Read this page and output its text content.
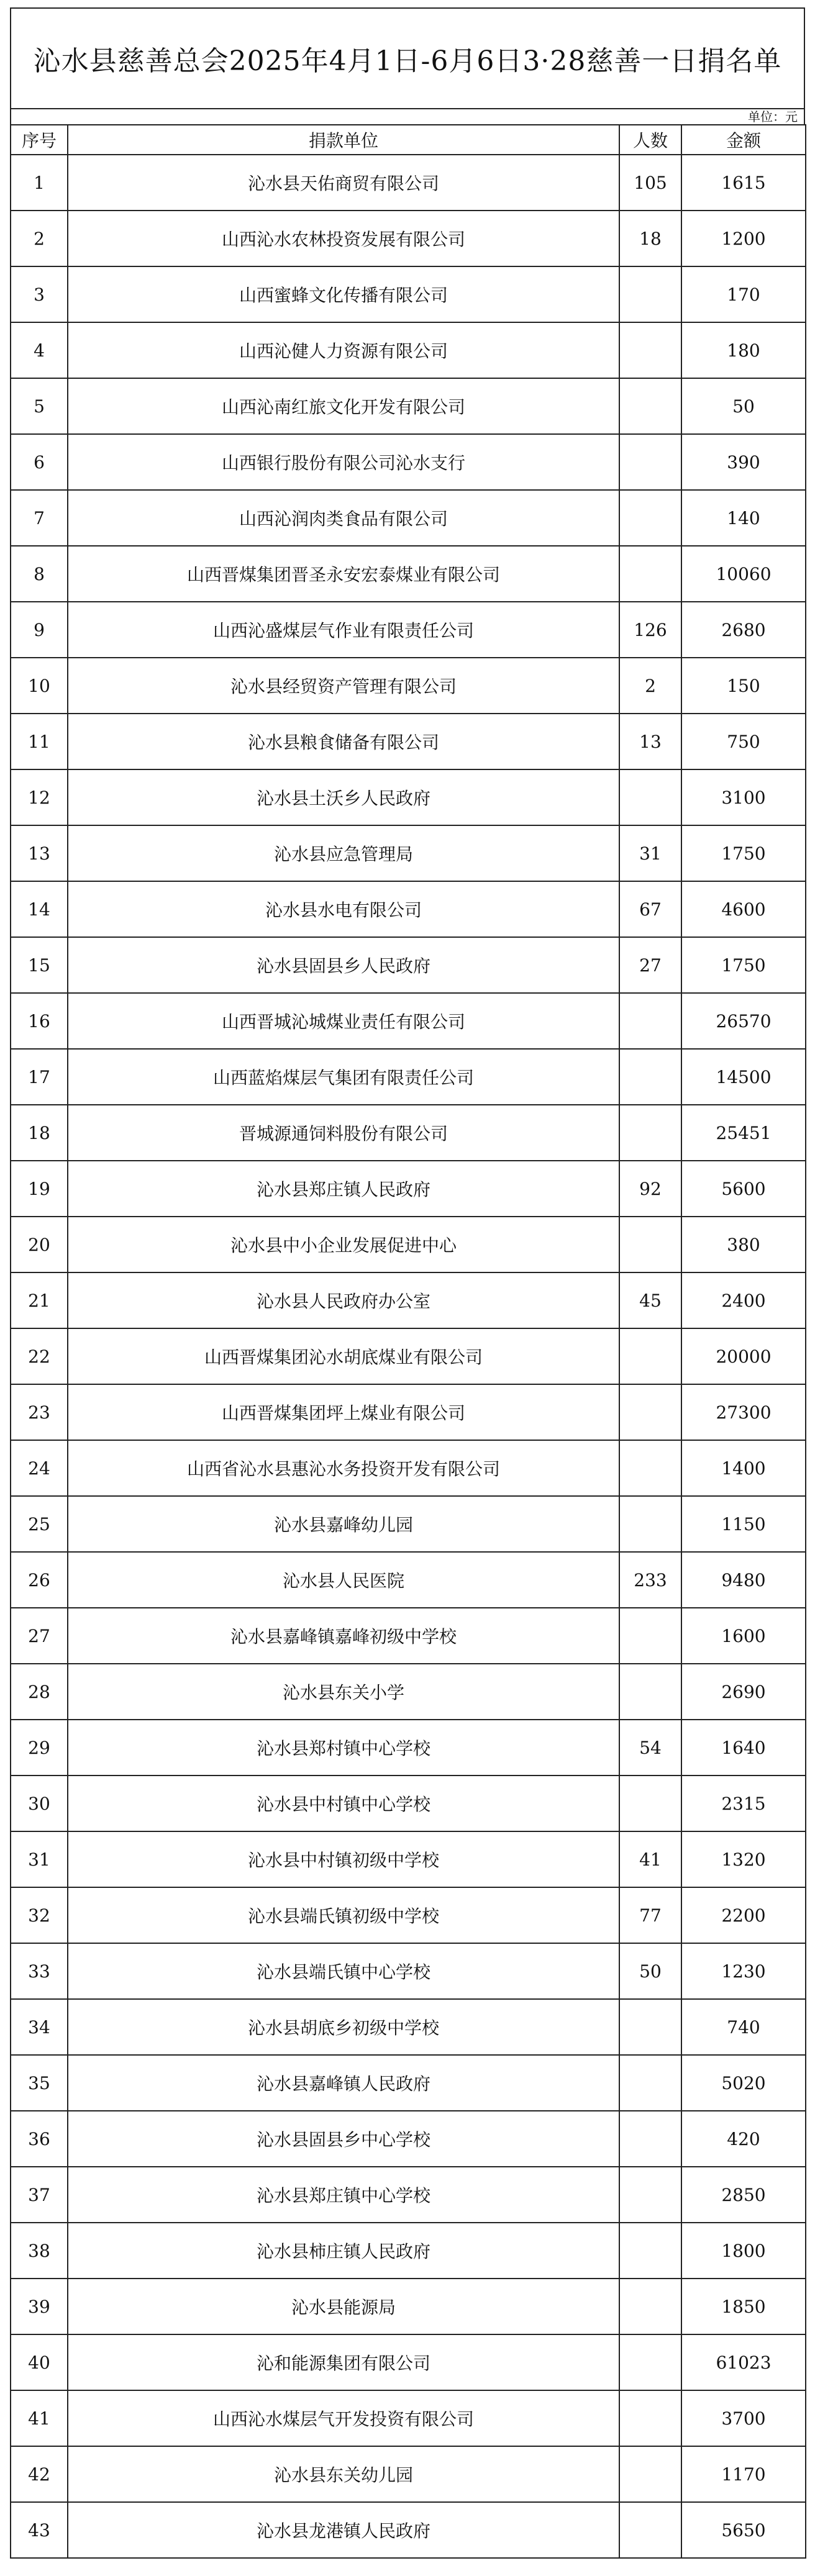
沁水县慈善总会2025年4月1日-6月6日3·28慈善一日捐名单
单位：元
序号	捐款单位	人数	金额
1	沁水县天佑商贸有限公司	105	1615
2	山西沁水农林投资发展有限公司	18	1200
3	山西蜜蜂文化传播有限公司		170
4	山西沁健人力资源有限公司		180
5	山西沁南红旅文化开发有限公司		50
6	山西银行股份有限公司沁水支行		390
7	山西沁润肉类食品有限公司		140
8	山西晋煤集团晋圣永安宏泰煤业有限公司		10060
9	山西沁盛煤层气作业有限责任公司	126	2680
10	沁水县经贸资产管理有限公司	2	150
11	沁水县粮食储备有限公司	13	750
12	沁水县土沃乡人民政府		3100
13	沁水县应急管理局	31	1750
14	沁水县水电有限公司	67	4600
15	沁水县固县乡人民政府	27	1750
16	山西晋城沁城煤业责任有限公司		26570
17	山西蓝焰煤层气集团有限责任公司		14500
18	晋城源通饲料股份有限公司		25451
19	沁水县郑庄镇人民政府	92	5600
20	沁水县中小企业发展促进中心		380
21	沁水县人民政府办公室	45	2400
22	山西晋煤集团沁水胡底煤业有限公司		20000
23	山西晋煤集团坪上煤业有限公司		27300
24	山西省沁水县惠沁水务投资开发有限公司		1400
25	沁水县嘉峰幼儿园		1150
26	沁水县人民医院	233	9480
27	沁水县嘉峰镇嘉峰初级中学校		1600
28	沁水县东关小学		2690
29	沁水县郑村镇中心学校	54	1640
30	沁水县中村镇中心学校		2315
31	沁水县中村镇初级中学校	41	1320
32	沁水县端氏镇初级中学校	77	2200
33	沁水县端氏镇中心学校	50	1230
34	沁水县胡底乡初级中学校		740
35	沁水县嘉峰镇人民政府		5020
36	沁水县固县乡中心学校		420
37	沁水县郑庄镇中心学校		2850
38	沁水县柿庄镇人民政府		1800
39	沁水县能源局		1850
40	沁和能源集团有限公司		61023
41	山西沁水煤层气开发投资有限公司		3700
42	沁水县东关幼儿园		1170
43	沁水县龙港镇人民政府		5650
